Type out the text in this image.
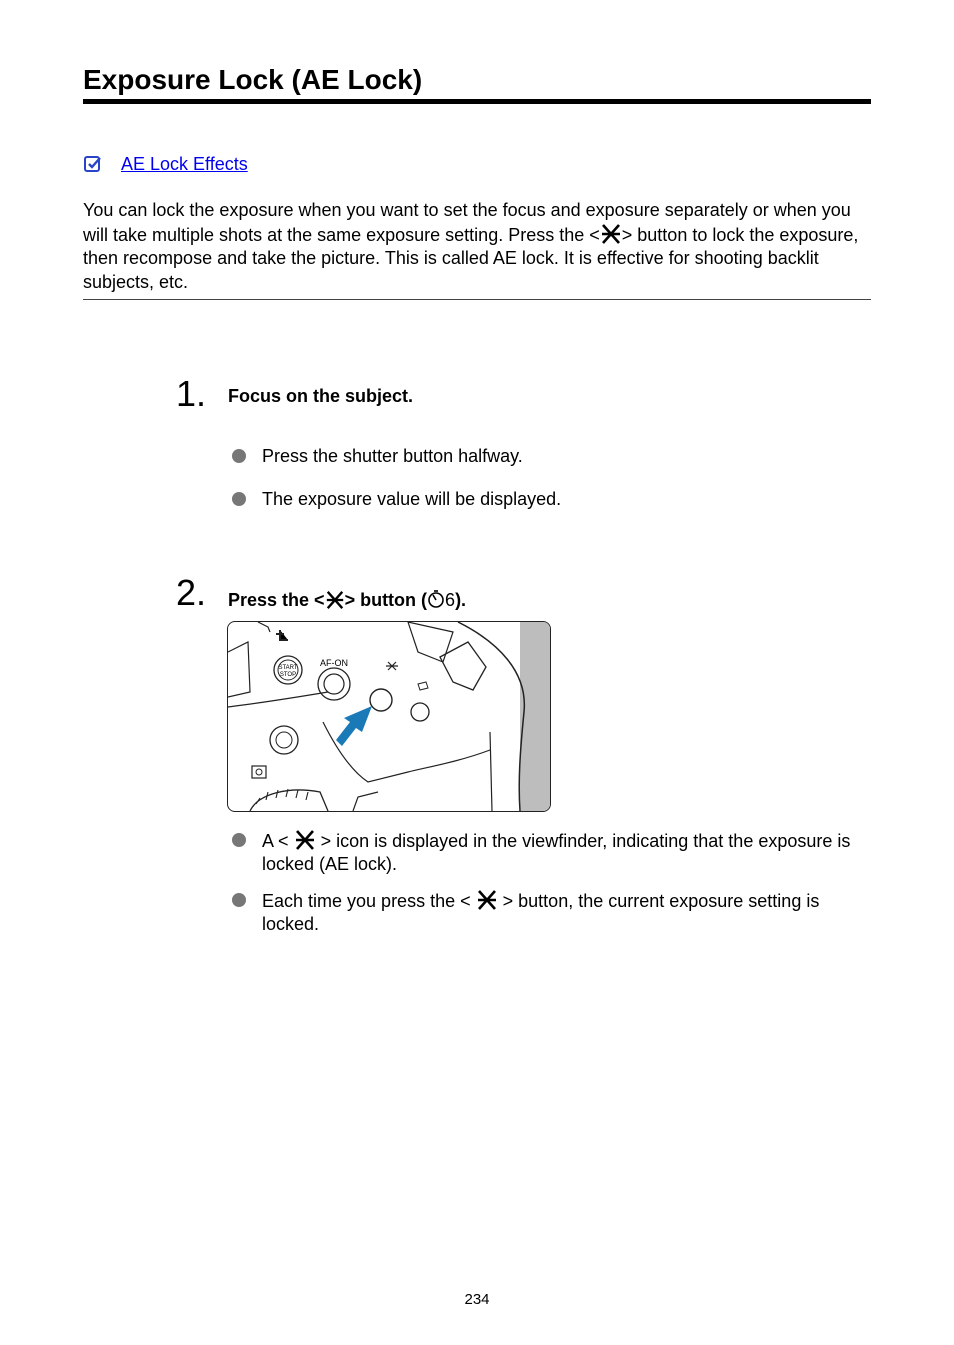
Exposure Lock (AE Lock)
AE Lock Effects

You can lock the exposure when you want to set the focus and exposure separately or when you will take multiple shots at the same exposure setting. Press the < > button to lock the exposure, then recompose and take the picture. This is called AE lock. It is effective for shooting backlit subjects, etc.

1. Focus on the subject.

Press the shutter button halfway.

The exposure value will be displayed.

2. Press the < > button ( 6).
START
STOP
AF-ON

A < > icon is displayed in the viewfinder, indicating that the exposure is locked (AE lock).

Each time you press the < > button, the current exposure setting is locked.

234
